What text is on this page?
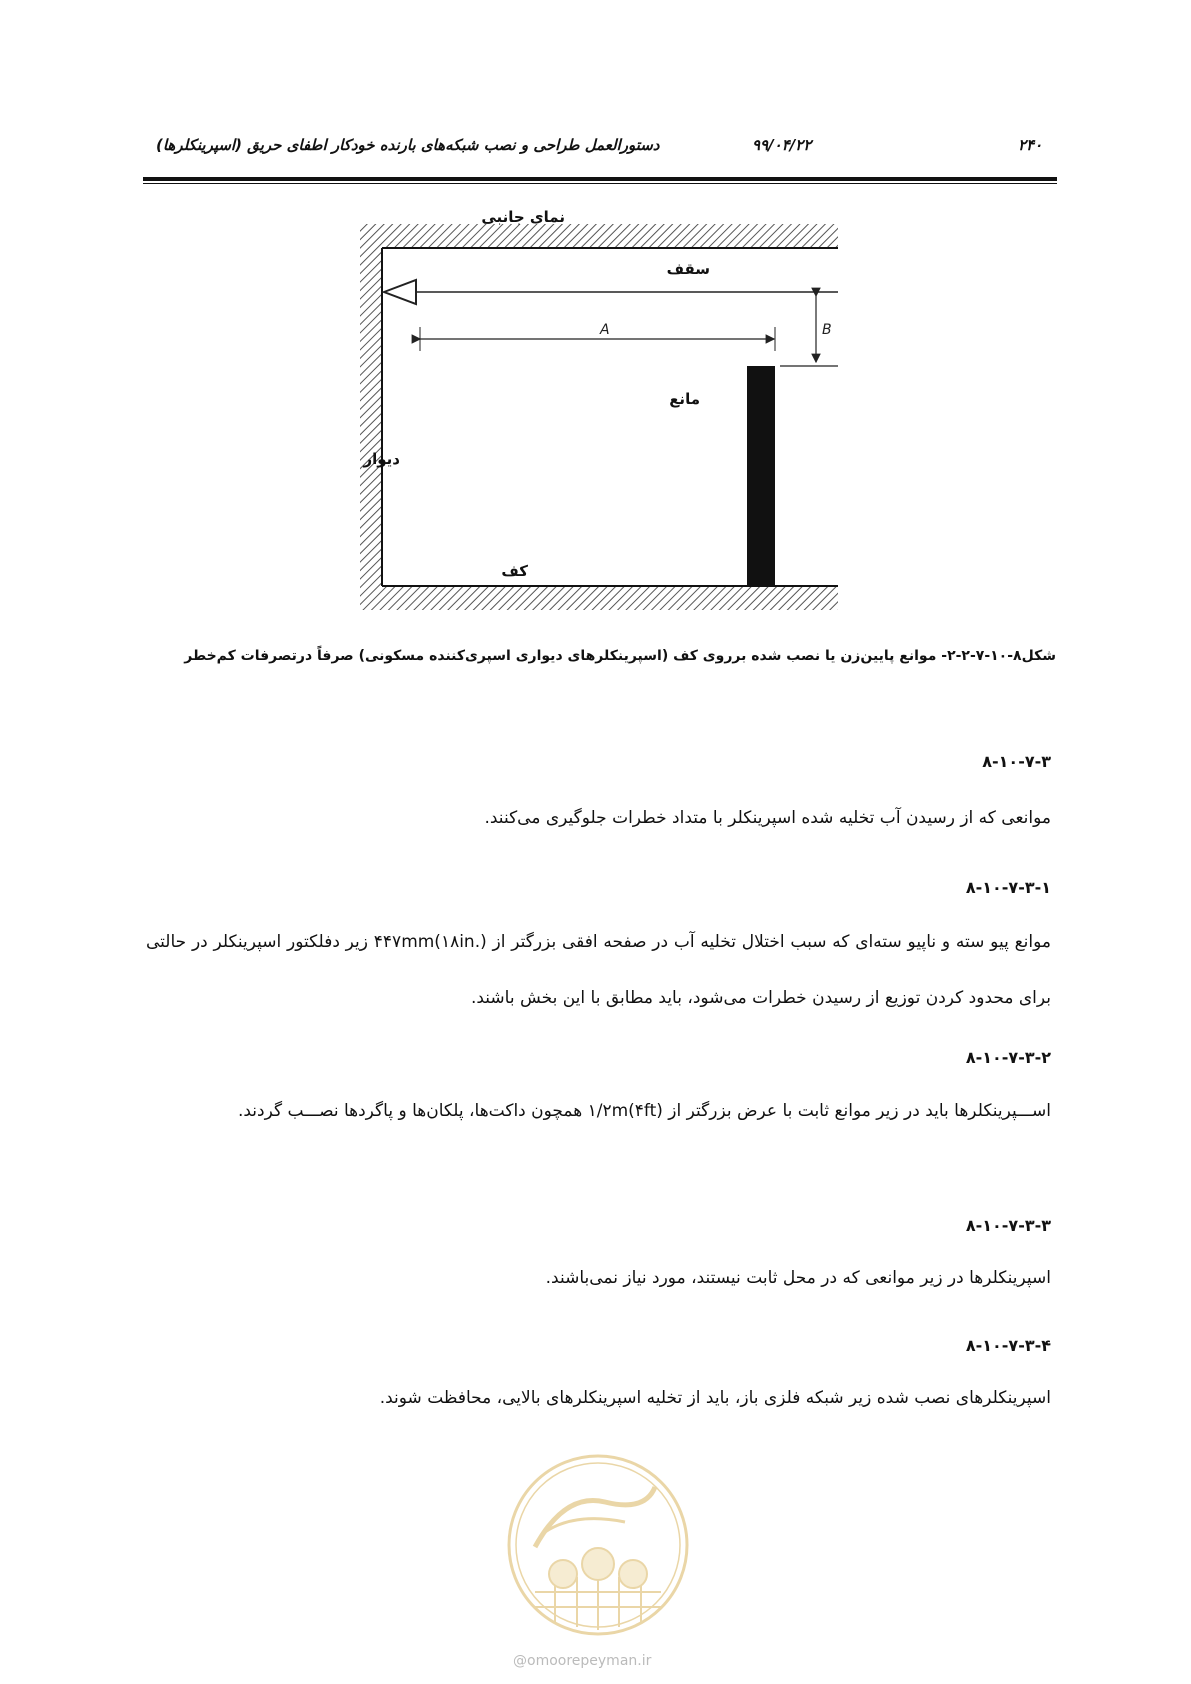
۲۴۰
۹۹/۰۴/۲۲
دستورالعمل طراحی و نصب شبکه‌های بارنده خودکار اطفای حریق (اسپرینکلرها)
سقف
A	B
مانع
دیوار
کف
نمای جانبی
شکل۸-۱۰-۷-۲-۲- موانع پایین‌زن یا نصب شده برروی کف (اسپرینکلرهای دیواری اسپری‌کننده مسکونی) صرفاً درتصرفات کم‌خطر
۸-۱۰-۷-۳
موانعی که از رسیدن آب تخلیه شده اسپرینکلر با متداد خطرات جلوگیری می‌کنند.
۸-۱۰-۷-۳-۱
موانع پیو سته و ناپیو سته‌ای که سبب اختلال تخلیه آب در صفحه افقی بزرگتر از ۴۴۷mm(۱۸in.) زیر دفلکتور اسپرینکلر در حالتی برای محدود کردن توزیع از رسیدن خطرات می‌شود، باید مطابق با این بخش باشند.
۸-۱۰-۷-۳-۲
اســـپرینکلرها باید در زیر موانع ثابت با عرض بزرگتر از ۱/۲m(۴ft) همچون داکت‌ها، پلکان‌ها و پاگردها نصـــب گردند.
۸-۱۰-۷-۳-۳
اسپرینکلرها در زیر موانعی که در محل ثابت نیستند، مورد نیاز نمی‌باشند.
۸-۱۰-۷-۳-۴
اسپرینکلرهای نصب شده زیر شبکه فلزی باز، باید از تخلیه اسپرینکلرهای بالایی، محافظت شوند.
@omoorepeyman.ir
